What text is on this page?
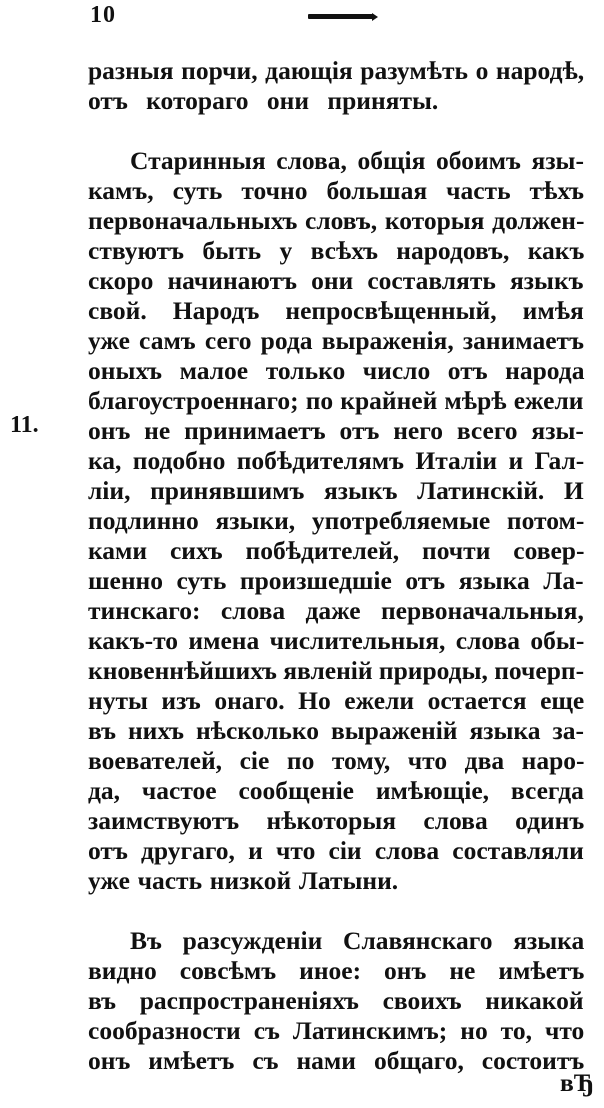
10
11.
разныя порчи, дающія разумѣть о народѣ,
отъ котораго они приняты.
Старинныя слова, общія обоимъ язы-
камъ, суть точно большая часть тѣхъ
первоначальныхъ словъ, которыя должен-
ствуютъ быть у всѣхъ народовъ, какъ
скоро начинаютъ они составлять языкъ
свой. Народъ непросвѣщенный, имѣя
уже самъ сего рода выраженія, занимаетъ
оныхъ малое только число отъ народа
благоустроеннаго; по крайней мѣрѣ ежели
онъ не принимаетъ отъ него всего язы-
ка, подобно побѣдителямъ Италіи и Гал-
ліи, принявшимъ языкъ Латинскій. И
подлинно языки, употребляемые потом-
ками сихъ побѣдителей, почти совер-
шенно суть произшедшіе отъ языка Ла-
тинскаго: слова даже первоначальныя,
какъ-то имена числительныя, слова обы-
кновеннѣйшихъ явленій природы, почерп-
нуты изъ онаго. Но ежели остается еще
въ нихъ нѣсколько выраженій языка за-
воевателей, сіе по тому, что два наро-
да, частое сообщеніе имѣющіе, всегда
заимствуютъ нѣкоторыя слова одинъ
отъ другаго, и что сіи слова составляли
уже часть низкой Латыни.
Въ разсужденіи Славянскаго языка
видно совсѣмъ иное: онъ не имѣетъ
въ распространеніяхъ своихъ никакой
сообразности съ Латинскимъ; но то, что
онъ имѣетъ съ нами общаго, состоитъ
вЂ
